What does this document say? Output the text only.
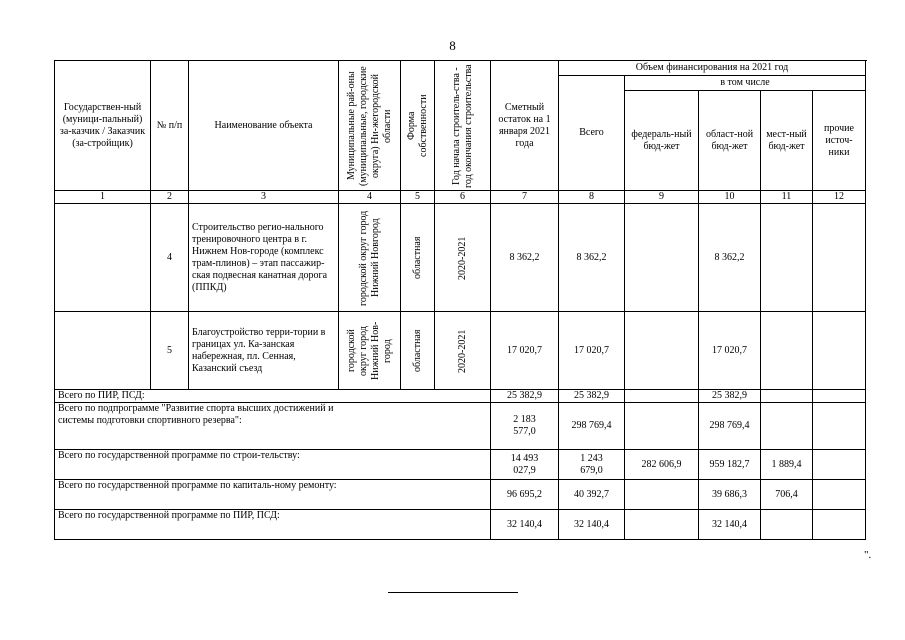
8
Государствен-ный (муници-пальный) за-казчик / Заказчик (за-стройщик)	№ п/п	Наименование объекта	Муниципальные рай-оны (муниципальные, городские округа) Ни-жегородской области	Форма собственности	Год начала строитель-ства - год окончания строительства	Сметный остаток на 1 января 2021 года	Объем финансирования на 2021 год				
							Всего	в том числе			
								федераль-ный бюд-жет	област-ной бюд-жет	мест-ный бюд-жет	прочие источ-ники
1	2	3	4	5	6	7	8	9	10	11	12
	4	Строительство регио-нального тренировочного центра в г. Нижнем Нов-городе (комплекс трам-плинов) – этап пассажир-ская подвесная канатная дорога (ППКД)	городской округ город Нижний Новгород	областная	2020-2021	8 362,2	8 362,2		8 362,2		
	5	Благоустройство терри-тории в границах ул. Ка-занская набережная, пл. Сенная, Казанский съезд	городской округ город Нижний Нов-город	областная	2020-2021	17 020,7	17 020,7		17 020,7		
Всего по ПИР, ПСД:						25 382,9	25 382,9		25 382,9		

Всего по подпрограмме "Развитие спорта высших достижений и системы подготовки спортивного резерва":						2 183 577,0	298 769,4		298 769,4		

Всего по государственной программе по строи-тельству:						14 493 027,9	1 243 679,0	282 606,9	959 182,7	1 889,4	

Всего по государственной программе по капиталь-ному ремонту:						96 695,2	40 392,7		39 686,3	706,4	

Всего по государственной программе по ПИР, ПСД:						32 140,4	32 140,4		32 140,4		
".
